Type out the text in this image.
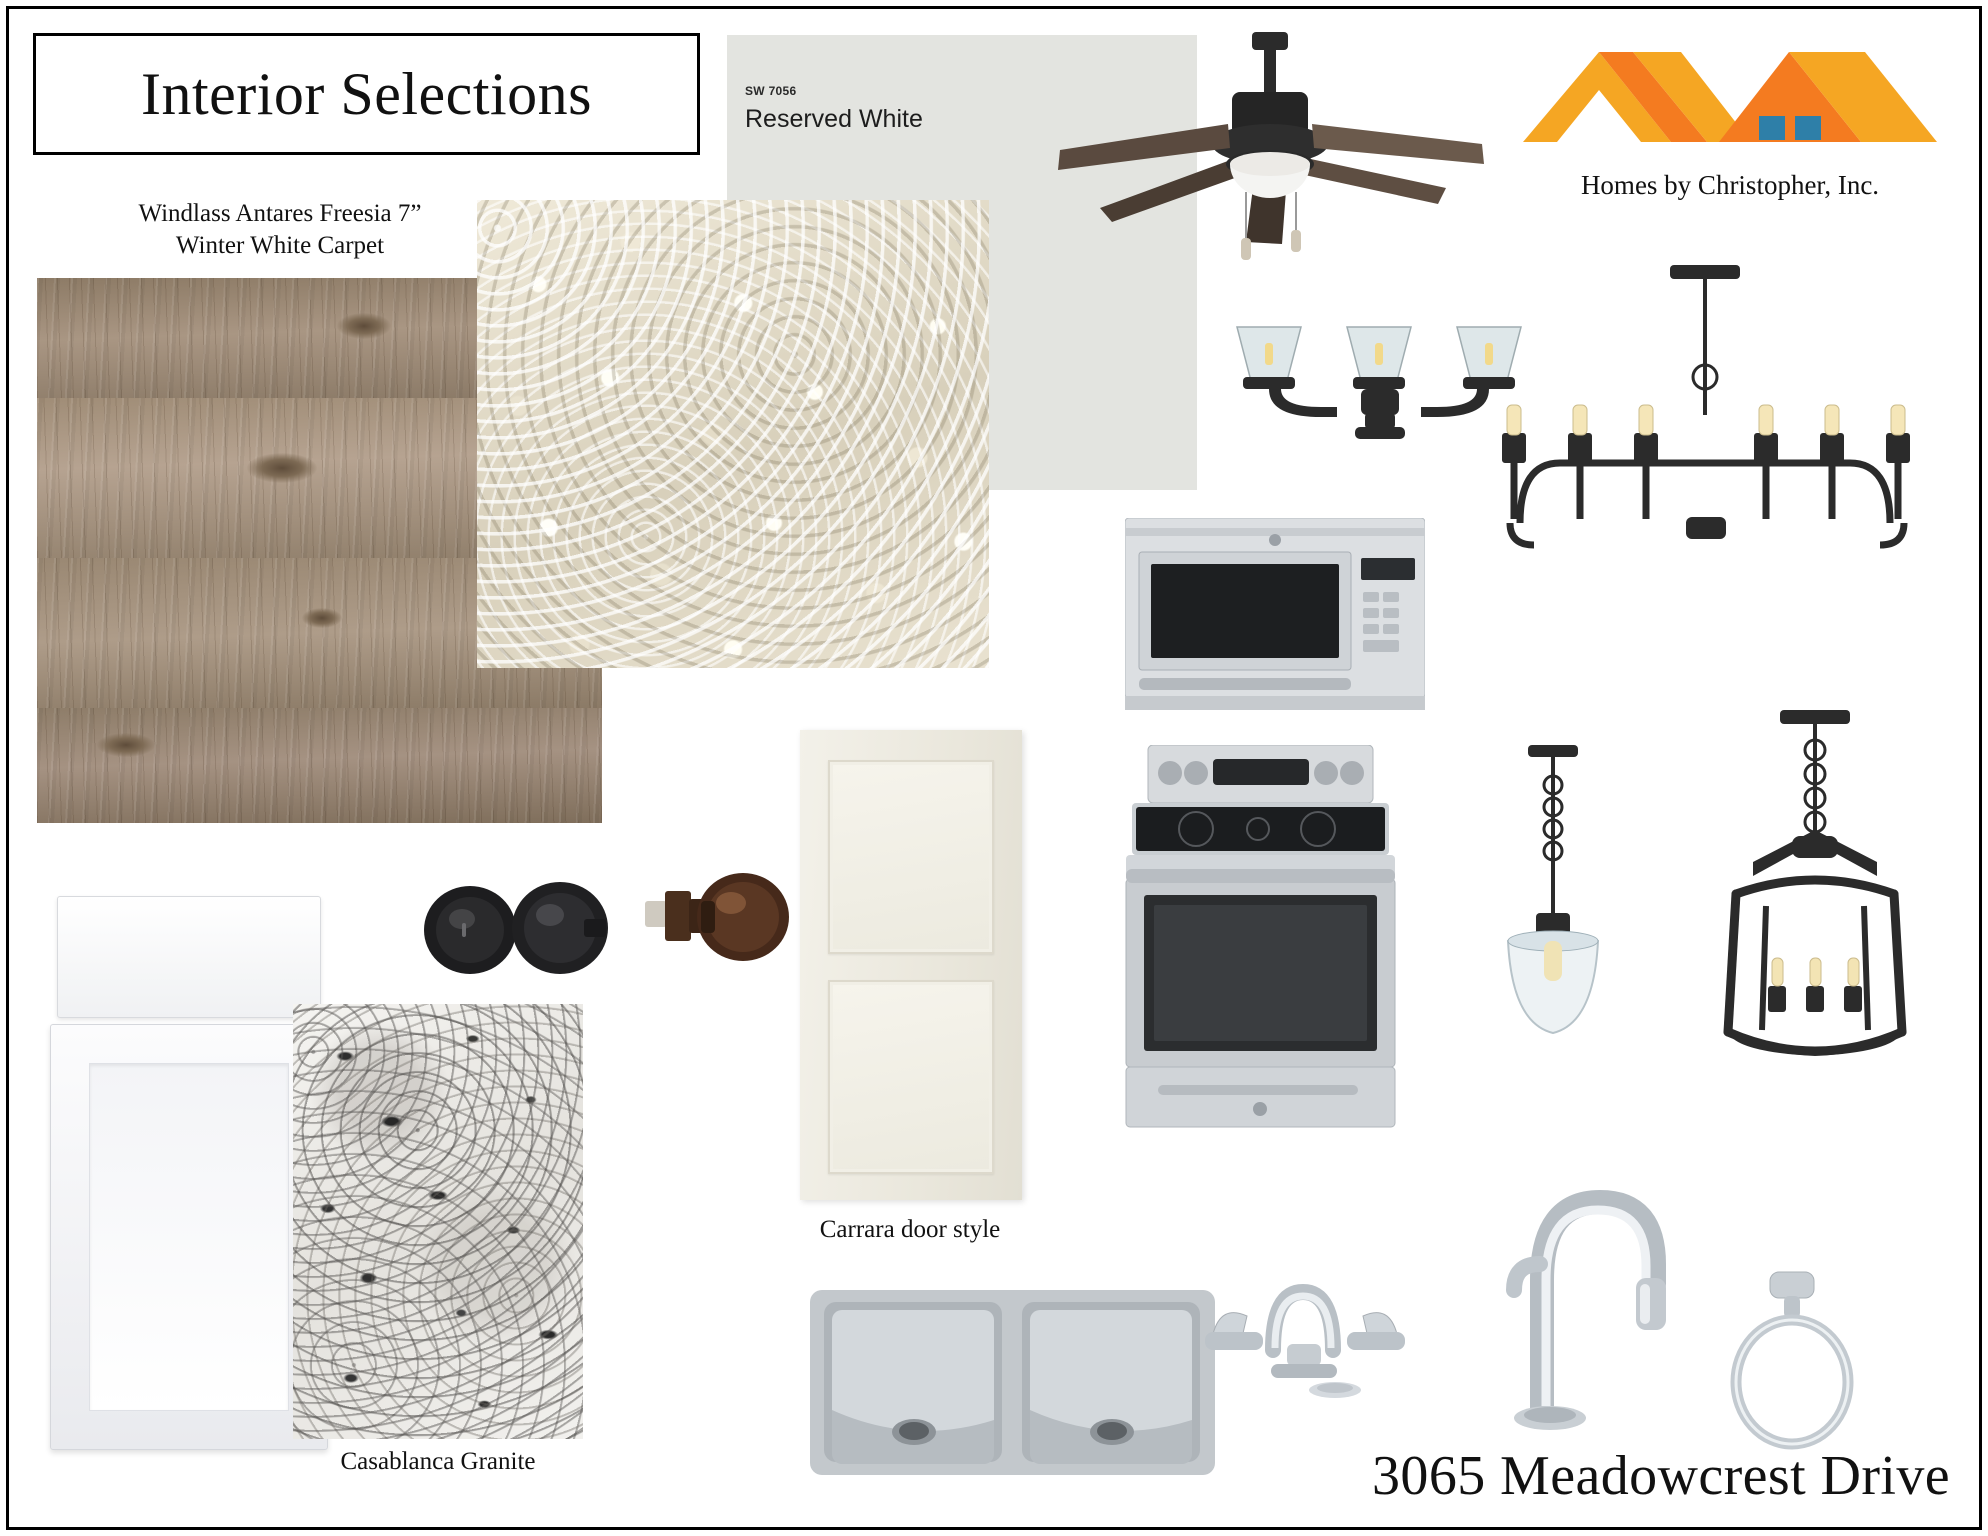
Interior Selections
Windlass Antares Freesia 7”
Winter White Carpet
SW 7056
Reserved White
Homes by Christopher, Inc.
Casablanca Granite
Carrara door style
3065 Meadowcrest Drive
